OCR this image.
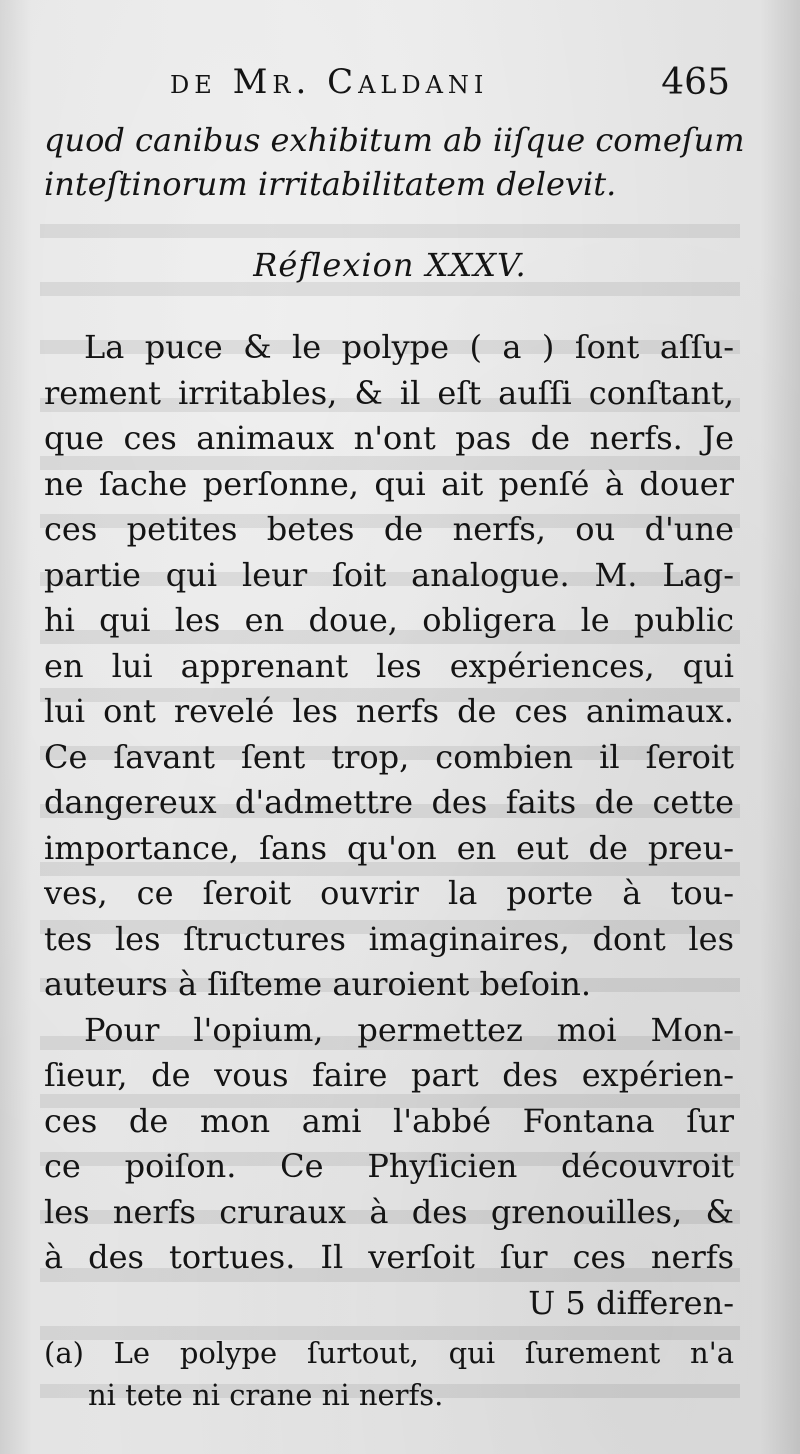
de Mr. Caldani	465
quod canibus exhibitum ab iiſque comeſum
inteſtinorum irritabilitatem delevit.
Réflexion XXXV.
La puce & le polype ( a ) ſont aſſu-
rement irritables, & il eſt auſſi conſtant,
que ces animaux n'ont pas de nerfs. Je
ne ſache perſonne, qui ait penſé à douer
ces petites betes de nerfs, ou d'une
partie qui leur ſoit analogue. M. Lag-
hi qui les en doue, obligera le public
en lui apprenant les expériences, qui
lui ont revelé les nerfs de ces animaux.
Ce ſavant ſent trop, combien il ſeroit
dangereux d'admettre des faits de cette
importance, ſans qu'on en eut de preu-
ves, ce ſeroit ouvrir la porte à tou-
tes les ſtructures imaginaires, dont les
auteurs à ſiſteme auroient beſoin.
Pour l'opium, permettez moi Mon-
ſieur, de vous faire part des expérien-
ces de mon ami l'abbé Fontana ſur
ce poiſon. Ce Phyſicien découvroit
les nerfs cruraux à des grenouilles, &
à des tortues. Il verſoit ſur ces nerfs
U 5 differen-
(a) Le polype ſurtout, qui ſurement n'a
ni tete ni crane ni nerfs.
